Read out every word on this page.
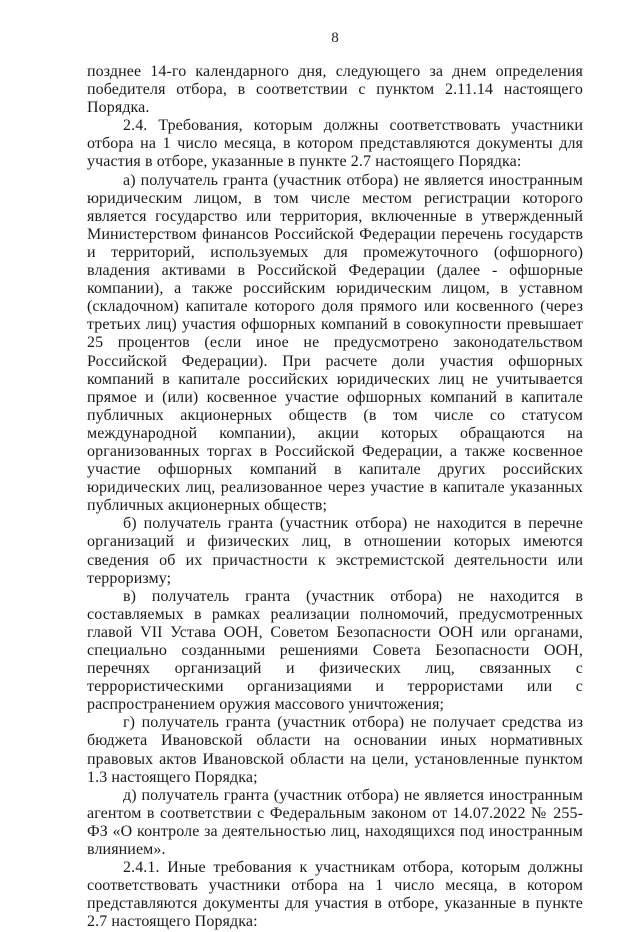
8

позднее 14-го календарного дня, следующего за днем определения победителя отбора, в соответствии с пунктом 2.11.14 настоящего Порядка.

2.4. Требования, которым должны соответствовать участники отбора на 1 число месяца, в котором представляются документы для участия в отборе, указанные в пункте 2.7 настоящего Порядка:

а) получатель гранта (участник отбора) не является иностранным юридическим лицом, в том числе местом регистрации которого является государство или территория, включенные в утвержденный Министерством финансов Российской Федерации перечень государств и территорий, используемых для промежуточного (офшорного) владения активами в Российской Федерации (далее - офшорные компании), а также российским юридическим лицом, в уставном (складочном) капитале которого доля прямого или косвенного (через третьих лиц) участия офшорных компаний в совокупности превышает 25 процентов (если иное не предусмотрено законодательством Российской Федерации). При расчете доли участия офшорных компаний в капитале российских юридических лиц не учитывается прямое и (или) косвенное участие офшорных компаний в капитале публичных акционерных обществ (в том числе со статусом международной компании), акции которых обращаются на организованных торгах в Российской Федерации, а также косвенное участие офшорных компаний в капитале других российских юридических лиц, реализованное через участие в капитале указанных публичных акционерных обществ;

б) получатель гранта (участник отбора) не находится в перечне организаций и физических лиц, в отношении которых имеются сведения об их причастности к экстремистской деятельности или терроризму;

в) получатель гранта (участник отбора) не находится в составляемых в рамках реализации полномочий, предусмотренных главой VII Устава ООН, Советом Безопасности ООН или органами, специально созданными решениями Совета Безопасности ООН, перечнях организаций и физических лиц, связанных с террористическими организациями и террористами или с распространением оружия массового уничтожения;

г) получатель гранта (участник отбора) не получает средства из бюджета Ивановской области на основании иных нормативных правовых актов Ивановской области на цели, установленные пунктом 1.3 настоящего Порядка;

д) получатель гранта (участник отбора) не является иностранным агентом в соответствии с Федеральным законом от 14.07.2022 № 255-ФЗ «О контроле за деятельностью лиц, находящихся под иностранным влиянием».

2.4.1. Иные требования к участникам отбора, которым должны соответствовать участники отбора на 1 число месяца, в котором представляются документы для участия в отборе, указанные в пункте 2.7 настоящего Порядка:
